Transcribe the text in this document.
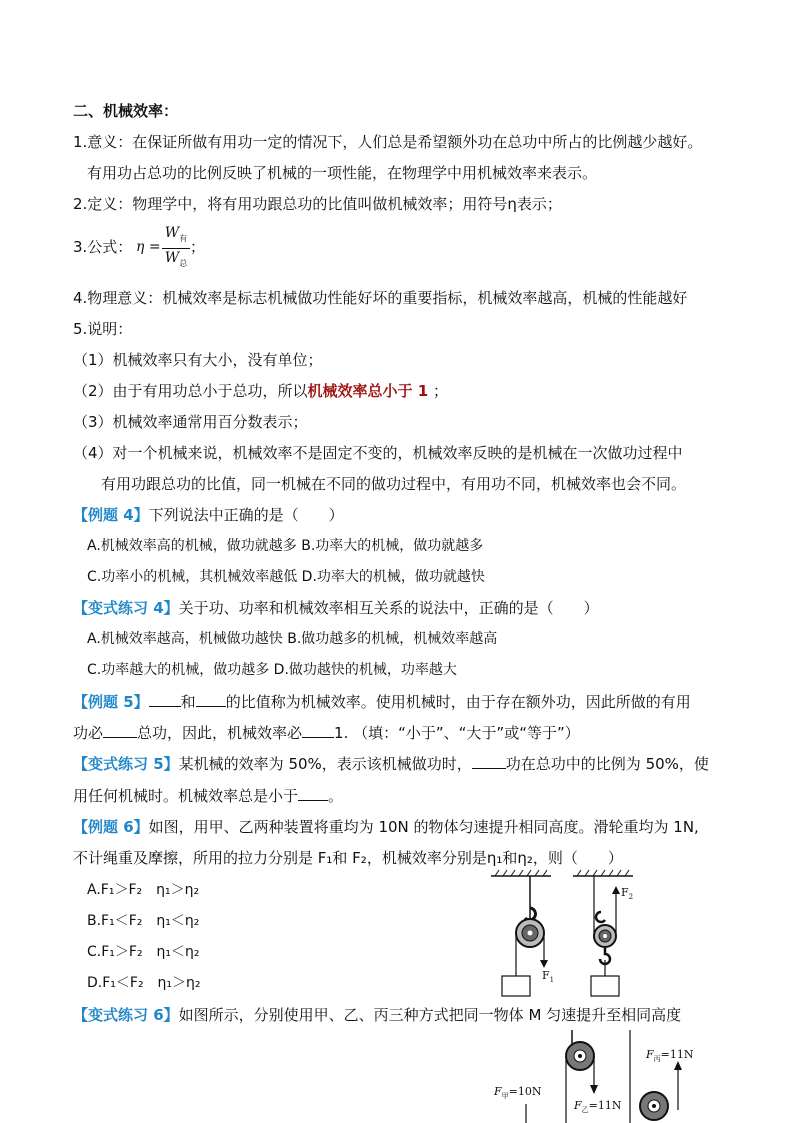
二、机械效率：
1.意义：在保证所做有用功一定的情况下，人们总是希望额外功在总功中所占的比例越少越好。
有用功占总功的比例反映了机械的一项性能，在物理学中用机械效率来表示。
2.定义：物理学中，将有用功跟总功的比值叫做机械效率；用符号η表示；
3.公式： η =
$W_有$
$W_总$
；
4.物理意义：机械效率是标志机械做功性能好坏的重要指标，机械效率越高，机械的性能越好
5.说明：
（1）机械效率只有大小，没有单位；
（2）由于有用功总小于总功，所以机械效率总小于 1 ；
（3）机械效率通常用百分数表示；
（4）对一个机械来说，机械效率不是固定不变的，机械效率反映的是机械在一次做功过程中
有用功跟总功的比值，同一机械在不同的做功过程中，有用功不同，机械效率也会不同。
【例题 4】下列说法中正确的是（　　）
A.机械效率高的机械，做功就越多 B.功率大的机械，做功就越多
C.功率小的机械，其机械效率越低 D.功率大的机械，做功就越快
【变式练习 4】关于功、功率和机械效率相互关系的说法中，正确的是（　　）
A.机械效率越高，机械做功越快 B.做功越多的机械，机械效率越高
C.功率越大的机械，做功越多 D.做功越快的机械，功率越大
【例题 5】 和 的比值称为机械效率。使用机械时，由于存在额外功，因此所做的有用
功必 总功，因此，机械效率必 1. （填：“小于”、“大于”或“等于”）
【变式练习 5】某机械的效率为 50%，表示该机械做功时， 功在总功中的比例为 50%，使
用任何机械时。机械效率总是小于 。
【例题 6】如图，用甲、乙两种装置将重均为 10N 的物体匀速提升相同高度。滑轮重均为 1N,
不计绳重及摩擦，所用的拉力分别是 F₁和 F₂，机械效率分别是η₁和η₂，则（　　）
A.F₁＞F₂　η₁＞η₂
B.F₁＜F₂　η₁＜η₂
C.F₁＞F₂　η₁＜η₂
D.F₁＜F₂　η₁＞η₂	$F_1$
$F_2$
【变式练习 6】如图所示，分别使用甲、乙、丙三种方式把同一物体 M 匀速提升至相同高度
$F_甲=10N$
$F_乙=11N$
$F_丙=11N$
